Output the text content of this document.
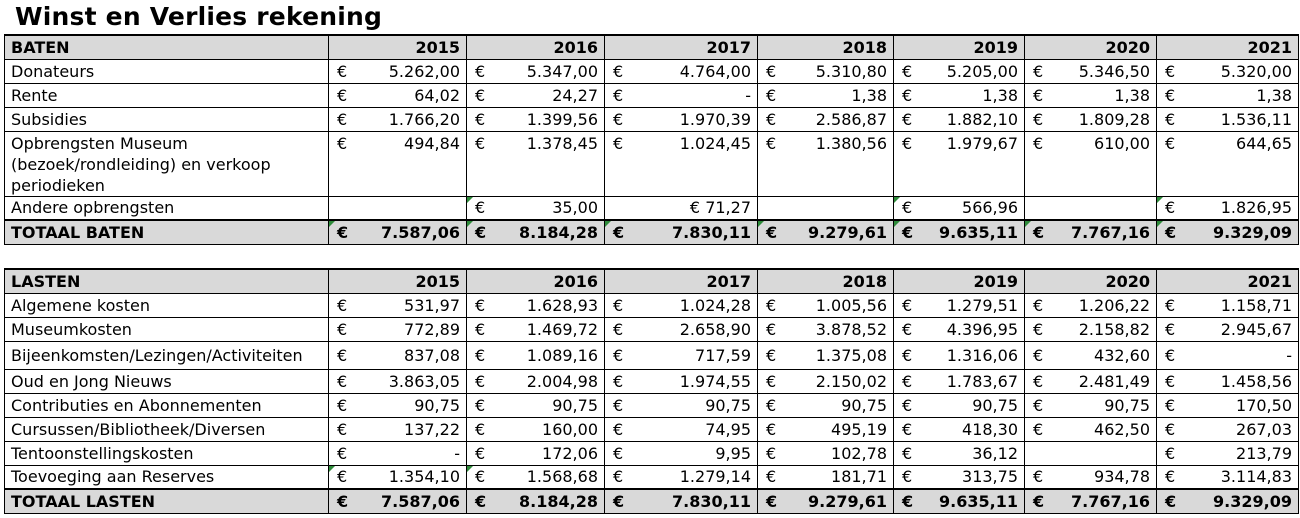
Winst en Verlies rekening
BATEN	2015	2016	2017	2018	2019	2020	2021
Donateurs	€ 5.262,00	€ 5.347,00	€ 4.764,00	€ 5.310,80	€ 5.205,00	€ 5.346,50	€ 5.320,00

Rente	€ 64,02	€ 24,27	€ -	€ 1,38	€ 1,38	€ 1,38	€ 1,38

Subsidies	€ 1.766,20	€ 1.399,56	€ 1.970,39	€ 2.586,87	€ 1.882,10	€ 1.809,28	€ 1.536,11

Opbrengsten Museum (bezoek/rondleiding) en verkoop periodieken	€ 494,84	€ 1.378,45	€ 1.024,45	€ 1.380,56	€ 1.979,67	€ 610,00	€ 644,65

Andere opbrengsten		€ 35,00	€ 71,27		€ 566,96		€ 1.826,95

TOTAAL BATEN	€ 7.587,06	€ 8.184,28	€ 7.830,11	€ 9.279,61	€ 9.635,11	€ 7.767,16	€ 9.329,09
LASTEN	2015	2016	2017	2018	2019	2020	2021
Algemene kosten	€ 531,97	€ 1.628,93	€ 1.024,28	€ 1.005,56	€ 1.279,51	€ 1.206,22	€ 1.158,71

Museumkosten	€ 772,89	€ 1.469,72	€ 2.658,90	€ 3.878,52	€ 4.396,95	€ 2.158,82	€ 2.945,67

Bijeenkomsten/Lezingen/Activiteiten	€ 837,08	€ 1.089,16	€ 717,59	€ 1.375,08	€ 1.316,06	€ 432,60	€ -

Oud en Jong Nieuws	€ 3.863,05	€ 2.004,98	€ 1.974,55	€ 2.150,02	€ 1.783,67	€ 2.481,49	€ 1.458,56

Contributies en Abonnementen	€ 90,75	€ 90,75	€ 90,75	€ 90,75	€ 90,75	€ 90,75	€ 170,50

Cursussen/Bibliotheek/Diversen	€ 137,22	€ 160,00	€ 74,95	€ 495,19	€ 418,30	€ 462,50	€ 267,03

Tentoonstellingskosten	€ -	€ 172,06	€ 9,95	€ 102,78	€ 36,12		€ 213,79

Toevoeging aan Reserves	€ 1.354,10	€ 1.568,68	€ 1.279,14	€ 181,71	€ 313,75	€ 934,78	€ 3.114,83

TOTAAL LASTEN	€ 7.587,06	€ 8.184,28	€ 7.830,11	€ 9.279,61	€ 9.635,11	€ 7.767,16	€ 9.329,09
